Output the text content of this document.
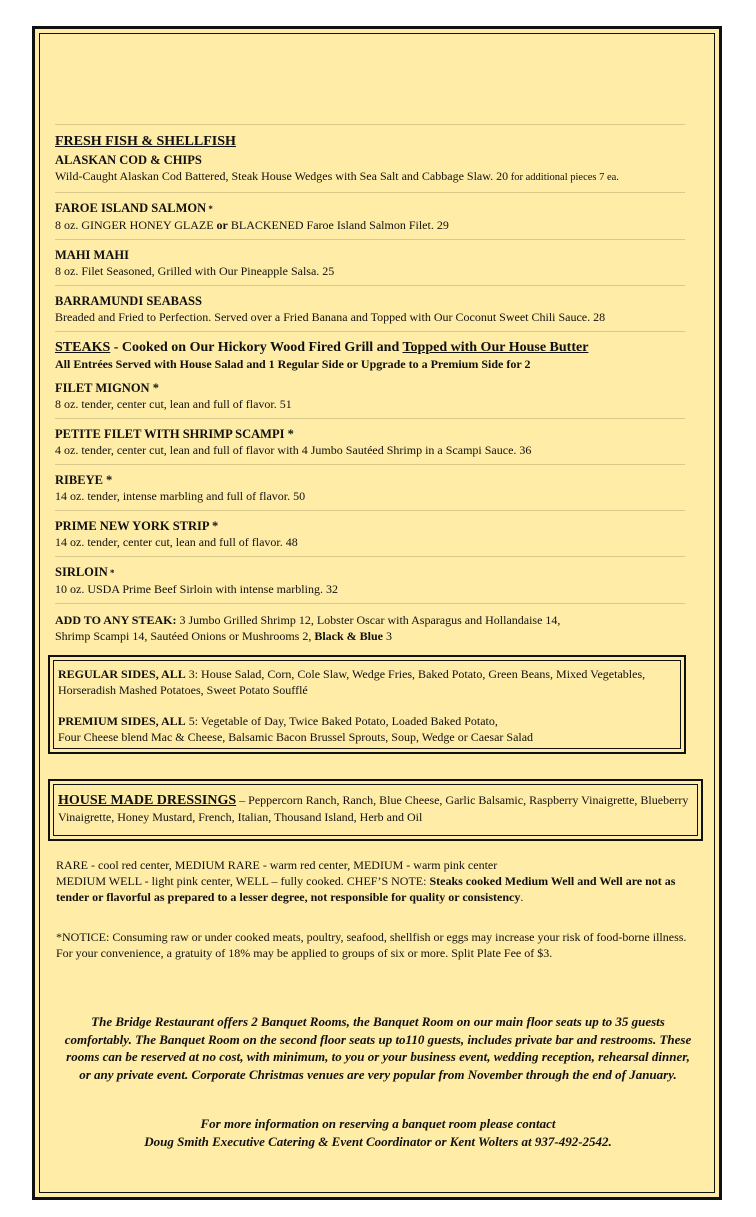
FRESH FISH & SHELLFISH
ALASKAN COD & CHIPS
Wild-Caught Alaskan Cod Battered, Steak House Wedges with Sea Salt and Cabbage Slaw. 20 for additional pieces 7 ea.
FAROE ISLAND SALMON *
8 oz. GINGER HONEY GLAZE or BLACKENED Faroe Island Salmon Filet. 29
MAHI MAHI
8 oz. Filet Seasoned, Grilled with Our Pineapple Salsa. 25
BARRAMUNDI SEABASS
Breaded and Fried to Perfection. Served over a Fried Banana and Topped with Our Coconut Sweet Chili Sauce. 28
STEAKS - Cooked on Our Hickory Wood Fired Grill and Topped with Our House Butter
All Entrées Served with House Salad and 1 Regular Side or Upgrade to a Premium Side for 2
FILET MIGNON *
8 oz. tender, center cut, lean and full of flavor. 51
PETITE FILET WITH SHRIMP SCAMPI *
4 oz. tender, center cut, lean and full of flavor with 4 Jumbo Sautéed Shrimp in a Scampi Sauce. 36
RIBEYE *
14 oz. tender, intense marbling and full of flavor. 50
PRIME NEW YORK STRIP *
14 oz. tender, center cut, lean and full of flavor. 48
SIRLOIN *
10 oz. USDA Prime Beef Sirloin with intense marbling. 32
ADD TO ANY STEAK: 3 Jumbo Grilled Shrimp 12, Lobster Oscar with Asparagus and Hollandaise 14,
Shrimp Scampi 14, Sautéed Onions or Mushrooms 2, Black & Blue 3
REGULAR SIDES, ALL 3: House Salad, Corn, Cole Slaw, Wedge Fries, Baked Potato, Green Beans, Mixed Vegetables, Horseradish Mashed Potatoes, Sweet Potato Soufflé
PREMIUM SIDES, ALL 5: Vegetable of Day, Twice Baked Potato, Loaded Baked Potato,
Four Cheese blend Mac & Cheese, Balsamic Bacon Brussel Sprouts, Soup, Wedge or Caesar Salad
HOUSE MADE DRESSINGS – Peppercorn Ranch, Ranch, Blue Cheese, Garlic Balsamic, Raspberry Vinaigrette, Blueberry Vinaigrette, Honey Mustard, French, Italian, Thousand Island, Herb and Oil
RARE - cool red center, MEDIUM RARE - warm red center, MEDIUM - warm pink center
MEDIUM WELL - light pink center, WELL – fully cooked. CHEF’S NOTE: Steaks cooked Medium Well and Well are not as tender or flavorful as prepared to a lesser degree, not responsible for quality or consistency.
*NOTICE: Consuming raw or under cooked meats, poultry, seafood, shellfish or eggs may increase your risk of food-borne illness. For your convenience, a gratuity of 18% may be applied to groups of six or more. Split Plate Fee of $3.
The Bridge Restaurant offers 2 Banquet Rooms, the Banquet Room on our main floor seats up to 35 guests comfortably. The Banquet Room on the second floor seats up to110 guests, includes private bar and restrooms. These rooms can be reserved at no cost, with minimum, to you or your business event, wedding reception, rehearsal dinner, or any private event. Corporate Christmas venues are very popular from November through the end of January.
For more information on reserving a banquet room please contact
Doug Smith Executive Catering & Event Coordinator or Kent Wolters at 937-492-2542.
